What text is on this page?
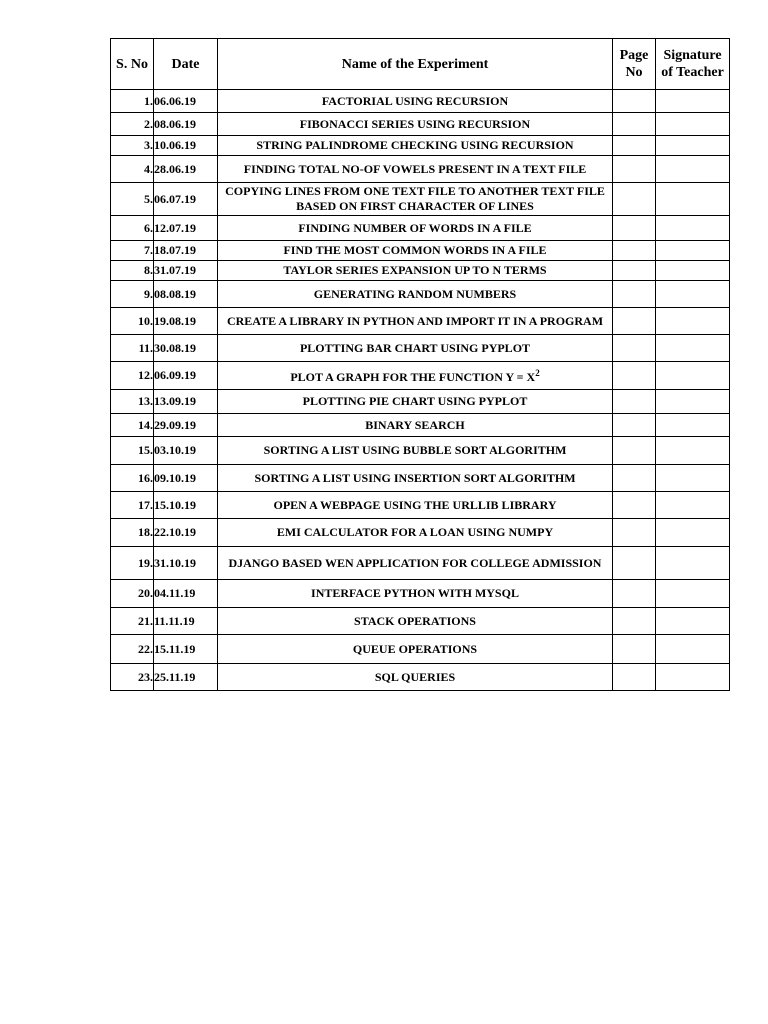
S. No	Date	Name of the Experiment	Page No	Signature of Teacher
1.	06.06.19	FACTORIAL USING RECURSION		
2.	08.06.19	FIBONACCI SERIES USING RECURSION		
3.	10.06.19	STRING PALINDROME CHECKING USING RECURSION		
4.	28.06.19	FINDING TOTAL NO-OF VOWELS PRESENT IN A TEXT FILE		
5.	06.07.19	COPYING LINES FROM ONE TEXT FILE TO ANOTHER TEXT FILE BASED ON FIRST CHARACTER OF LINES		
6.	12.07.19	FINDING NUMBER OF WORDS IN A FILE		
7.	18.07.19	FIND THE MOST COMMON WORDS IN A FILE		
8.	31.07.19	TAYLOR SERIES EXPANSION UP TO N TERMS		
9.	08.08.19	GENERATING RANDOM NUMBERS		
10.	19.08.19	CREATE A LIBRARY IN PYTHON AND IMPORT IT IN A PROGRAM		
11.	30.08.19	PLOTTING BAR CHART USING PYPLOT		
12.	06.09.19	PLOT A GRAPH FOR THE FUNCTION $Y = X^2$		
13.	13.09.19	PLOTTING PIE CHART USING PYPLOT		
14.	29.09.19	BINARY SEARCH		
15.	03.10.19	SORTING A LIST USING BUBBLE SORT ALGORITHM		
16.	09.10.19	SORTING A LIST USING INSERTION SORT ALGORITHM		
17.	15.10.19	OPEN A WEBPAGE USING THE URLLIB LIBRARY		
18.	22.10.19	EMI CALCULATOR FOR A LOAN USING NUMPY		
19.	31.10.19	DJANGO BASED WEN APPLICATION FOR COLLEGE ADMISSION		
20.	04.11.19	INTERFACE PYTHON WITH MYSQL		
21.	11.11.19	STACK OPERATIONS		
22.	15.11.19	QUEUE OPERATIONS		
23.	25.11.19	SQL QUERIES		
